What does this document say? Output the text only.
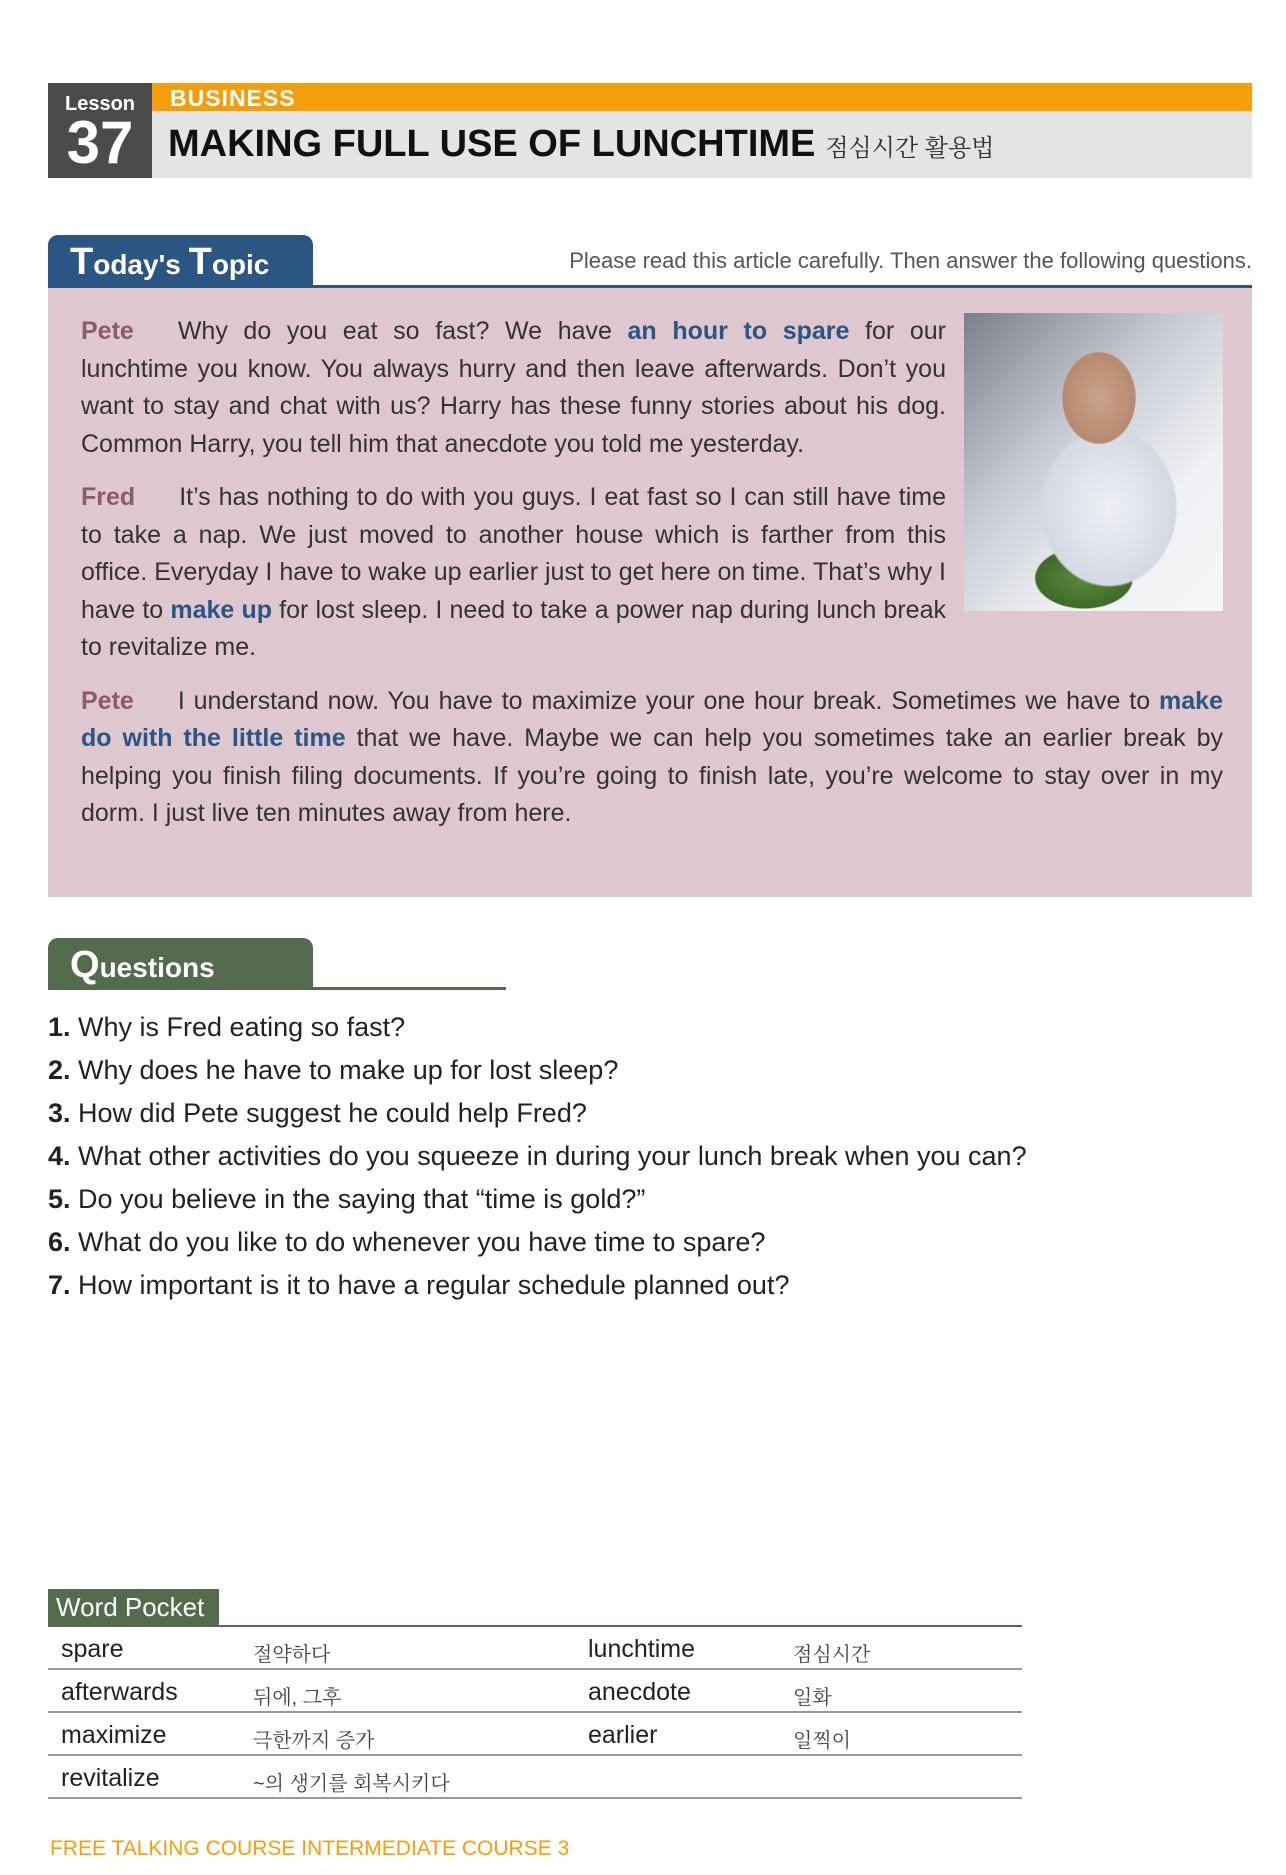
Lesson
37
BUSINESS
MAKING FULL USE OF LUNCHTIME 점심시간 활용법
Today's Topic	Please read this article carefully. Then answer the following questions.

Pete Why do you eat so fast? We have an hour to spare for our lunchtime you know. You always hurry and then leave afterwards. Don’t you want to stay and chat with us? Harry has these funny stories about his dog. Common Harry, you tell him that anecdote you told me yesterday.

Fred It’s has nothing to do with you guys. I eat fast so I can still have time to take a nap. We just moved to another house which is farther from this office. Everyday I have to wake up earlier just to get here on time. That’s why I have to make up for lost sleep. I need to take a power nap during lunch break to revitalize me.

Pete I understand now. You have to maximize your one hour break. Sometimes we have to make do with the little time that we have. Maybe we can help you sometimes take an earlier break by helping you finish filing documents. If you’re going to finish late, you’re welcome to stay over in my dorm. I just live ten minutes away from here.

Questions
1. Why is Fred eating so fast?
2. Why does he have to make up for lost sleep?
3. How did Pete suggest he could help Fred?
4. What other activities do you squeeze in during your lunch break when you can?
5. Do you believe in the saying that “time is gold?”
6. What do you like to do whenever you have time to spare?
7. How important is it to have a regular schedule planned out?
Word Pocket
spare	절약하다	lunchtime	점심시간
afterwards	뒤에, 그후	anecdote	일화
maximize	극한까지 증가	earlier	일찍이
revitalize	~의 생기를 회복시키다
FREE TALKING COURSE INTERMEDIATE COURSE 3
